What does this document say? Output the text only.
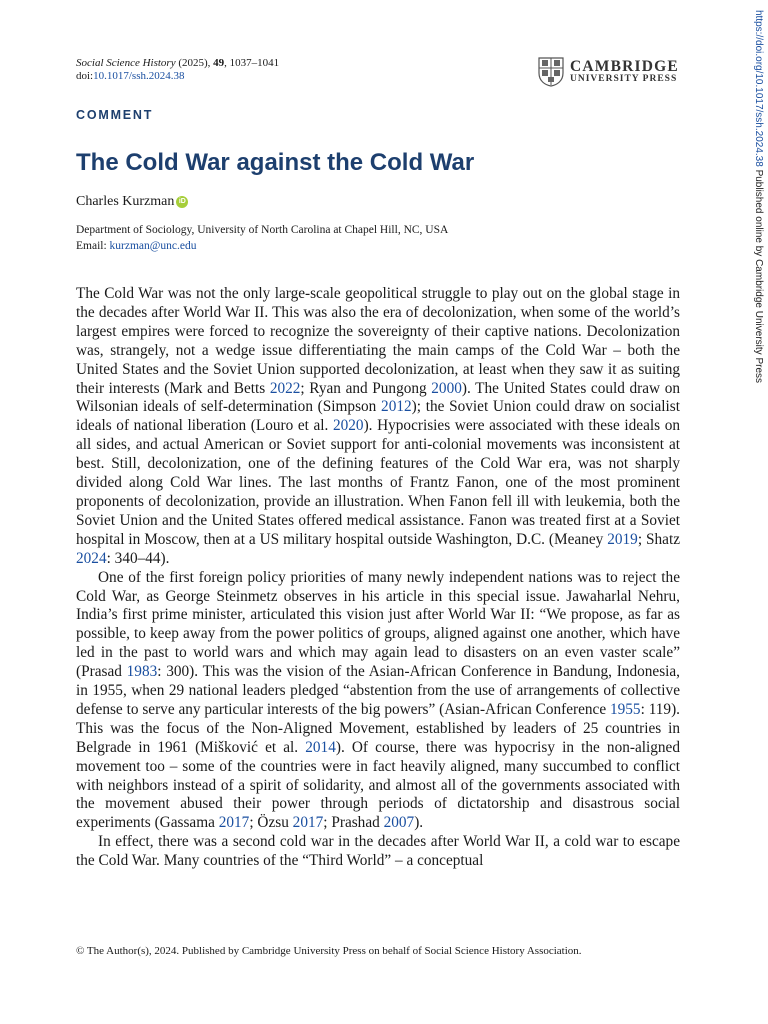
Social Science History (2025), 49, 1037–1041
doi:10.1017/ssh.2024.38
CAMBRIDGE
UNIVERSITY PRESS
COMMENT
The Cold War against the Cold War
Charles Kurzman iD
Department of Sociology, University of North Carolina at Chapel Hill, NC, USA
Email: kurzman@unc.edu

The Cold War was not the only large-scale geopolitical struggle to play out on the global stage in the decades after World War II. This was also the era of decolonization, when some of the world’s largest empires were forced to recognize the sovereignty of their captive nations. Decolonization was, strangely, not a wedge issue differentiating the main camps of the Cold War – both the United States and the Soviet Union supported decolonization, at least when they saw it as suiting their interests (Mark and Betts 2022; Ryan and Pungong 2000). The United States could draw on Wilsonian ideals of self-determination (Simpson 2012); the Soviet Union could draw on socialist ideals of national liberation (Louro et al. 2020). Hypocrisies were associated with these ideals on all sides, and actual American or Soviet support for anti-colonial movements was inconsistent at best. Still, decolonization, one of the defining features of the Cold War era, was not sharply divided along Cold War lines. The last months of Frantz Fanon, one of the most prominent proponents of decolonization, provide an illustration. When Fanon fell ill with leukemia, both the Soviet Union and the United States offered medical assistance. Fanon was treated first at a Soviet hospital in Moscow, then at a US military hospital outside Washington, D.C. (Meaney 2019; Shatz 2024: 340–44).

One of the first foreign policy priorities of many newly independent nations was to reject the Cold War, as George Steinmetz observes in his article in this special issue. Jawaharlal Nehru, India’s first prime minister, articulated this vision just after World War II: “We propose, as far as possible, to keep away from the power politics of groups, aligned against one another, which have led in the past to world wars and which may again lead to disasters on an even vaster scale” (Prasad 1983: 300). This was the vision of the Asian-African Conference in Bandung, Indonesia, in 1955, when 29 national leaders pledged “abstention from the use of arrangements of collective defense to serve any particular interests of the big powers” (Asian-African Conference 1955: 119). This was the focus of the Non-Aligned Movement, established by leaders of 25 countries in Belgrade in 1961 (Mišković et al. 2014). Of course, there was hypocrisy in the non-aligned movement too – some of the countries were in fact heavily aligned, many succumbed to conflict with neighbors instead of a spirit of solidarity, and almost all of the governments associated with the movement abused their power through periods of dictatorship and disastrous social experiments (Gassama 2017; Özsu 2017; Prashad 2007).

In effect, there was a second cold war in the decades after World War II, a cold war to escape the Cold War. Many countries of the “Third World” – a conceptual

© The Author(s), 2024. Published by Cambridge University Press on behalf of Social Science History Association.
https://doi.org/10.1017/ssh.2024.38 Published online by Cambridge University Press
